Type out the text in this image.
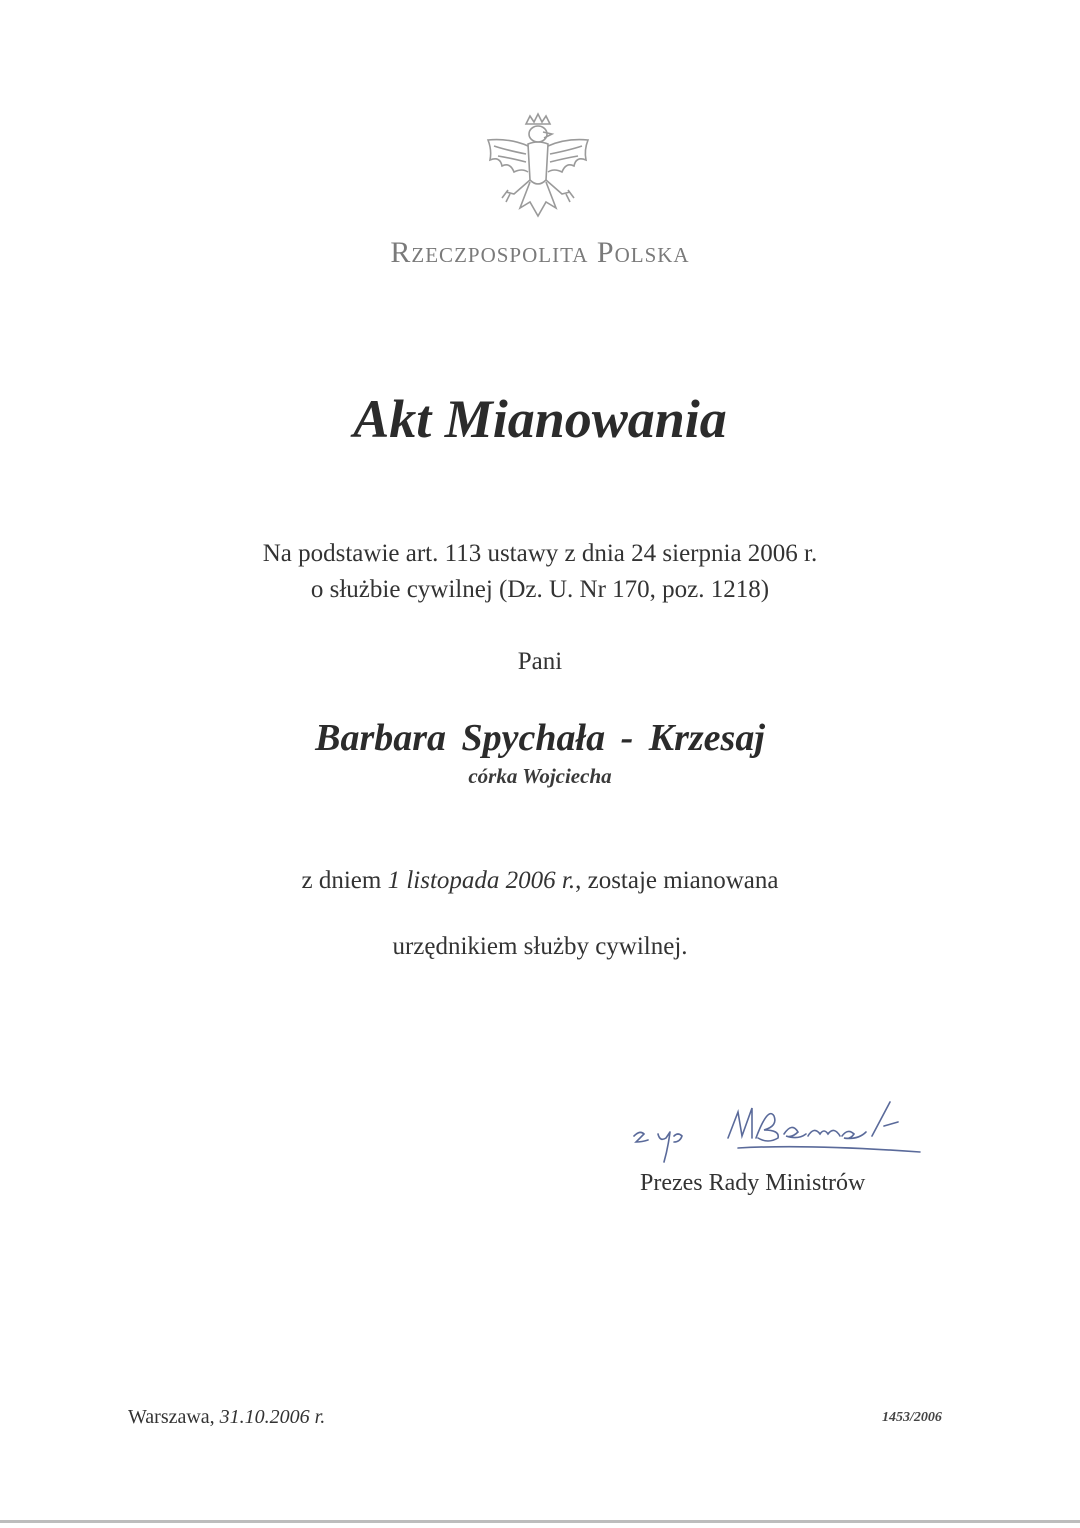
Rzeczpospolita Polska
Akt Mianowania
Na podstawie art. 113 ustawy z dnia 24 sierpnia 2006 r.
o służbie cywilnej (Dz. U. Nr 170, poz. 1218)
Pani
Barbara Spychała - Krzesaj
córka Wojciecha
z dniem 1 listopada 2006 r., zostaje mianowana
urzędnikiem służby cywilnej.
Prezes Rady Ministrów
Warszawa, 31.10.2006 r.	1453/2006
